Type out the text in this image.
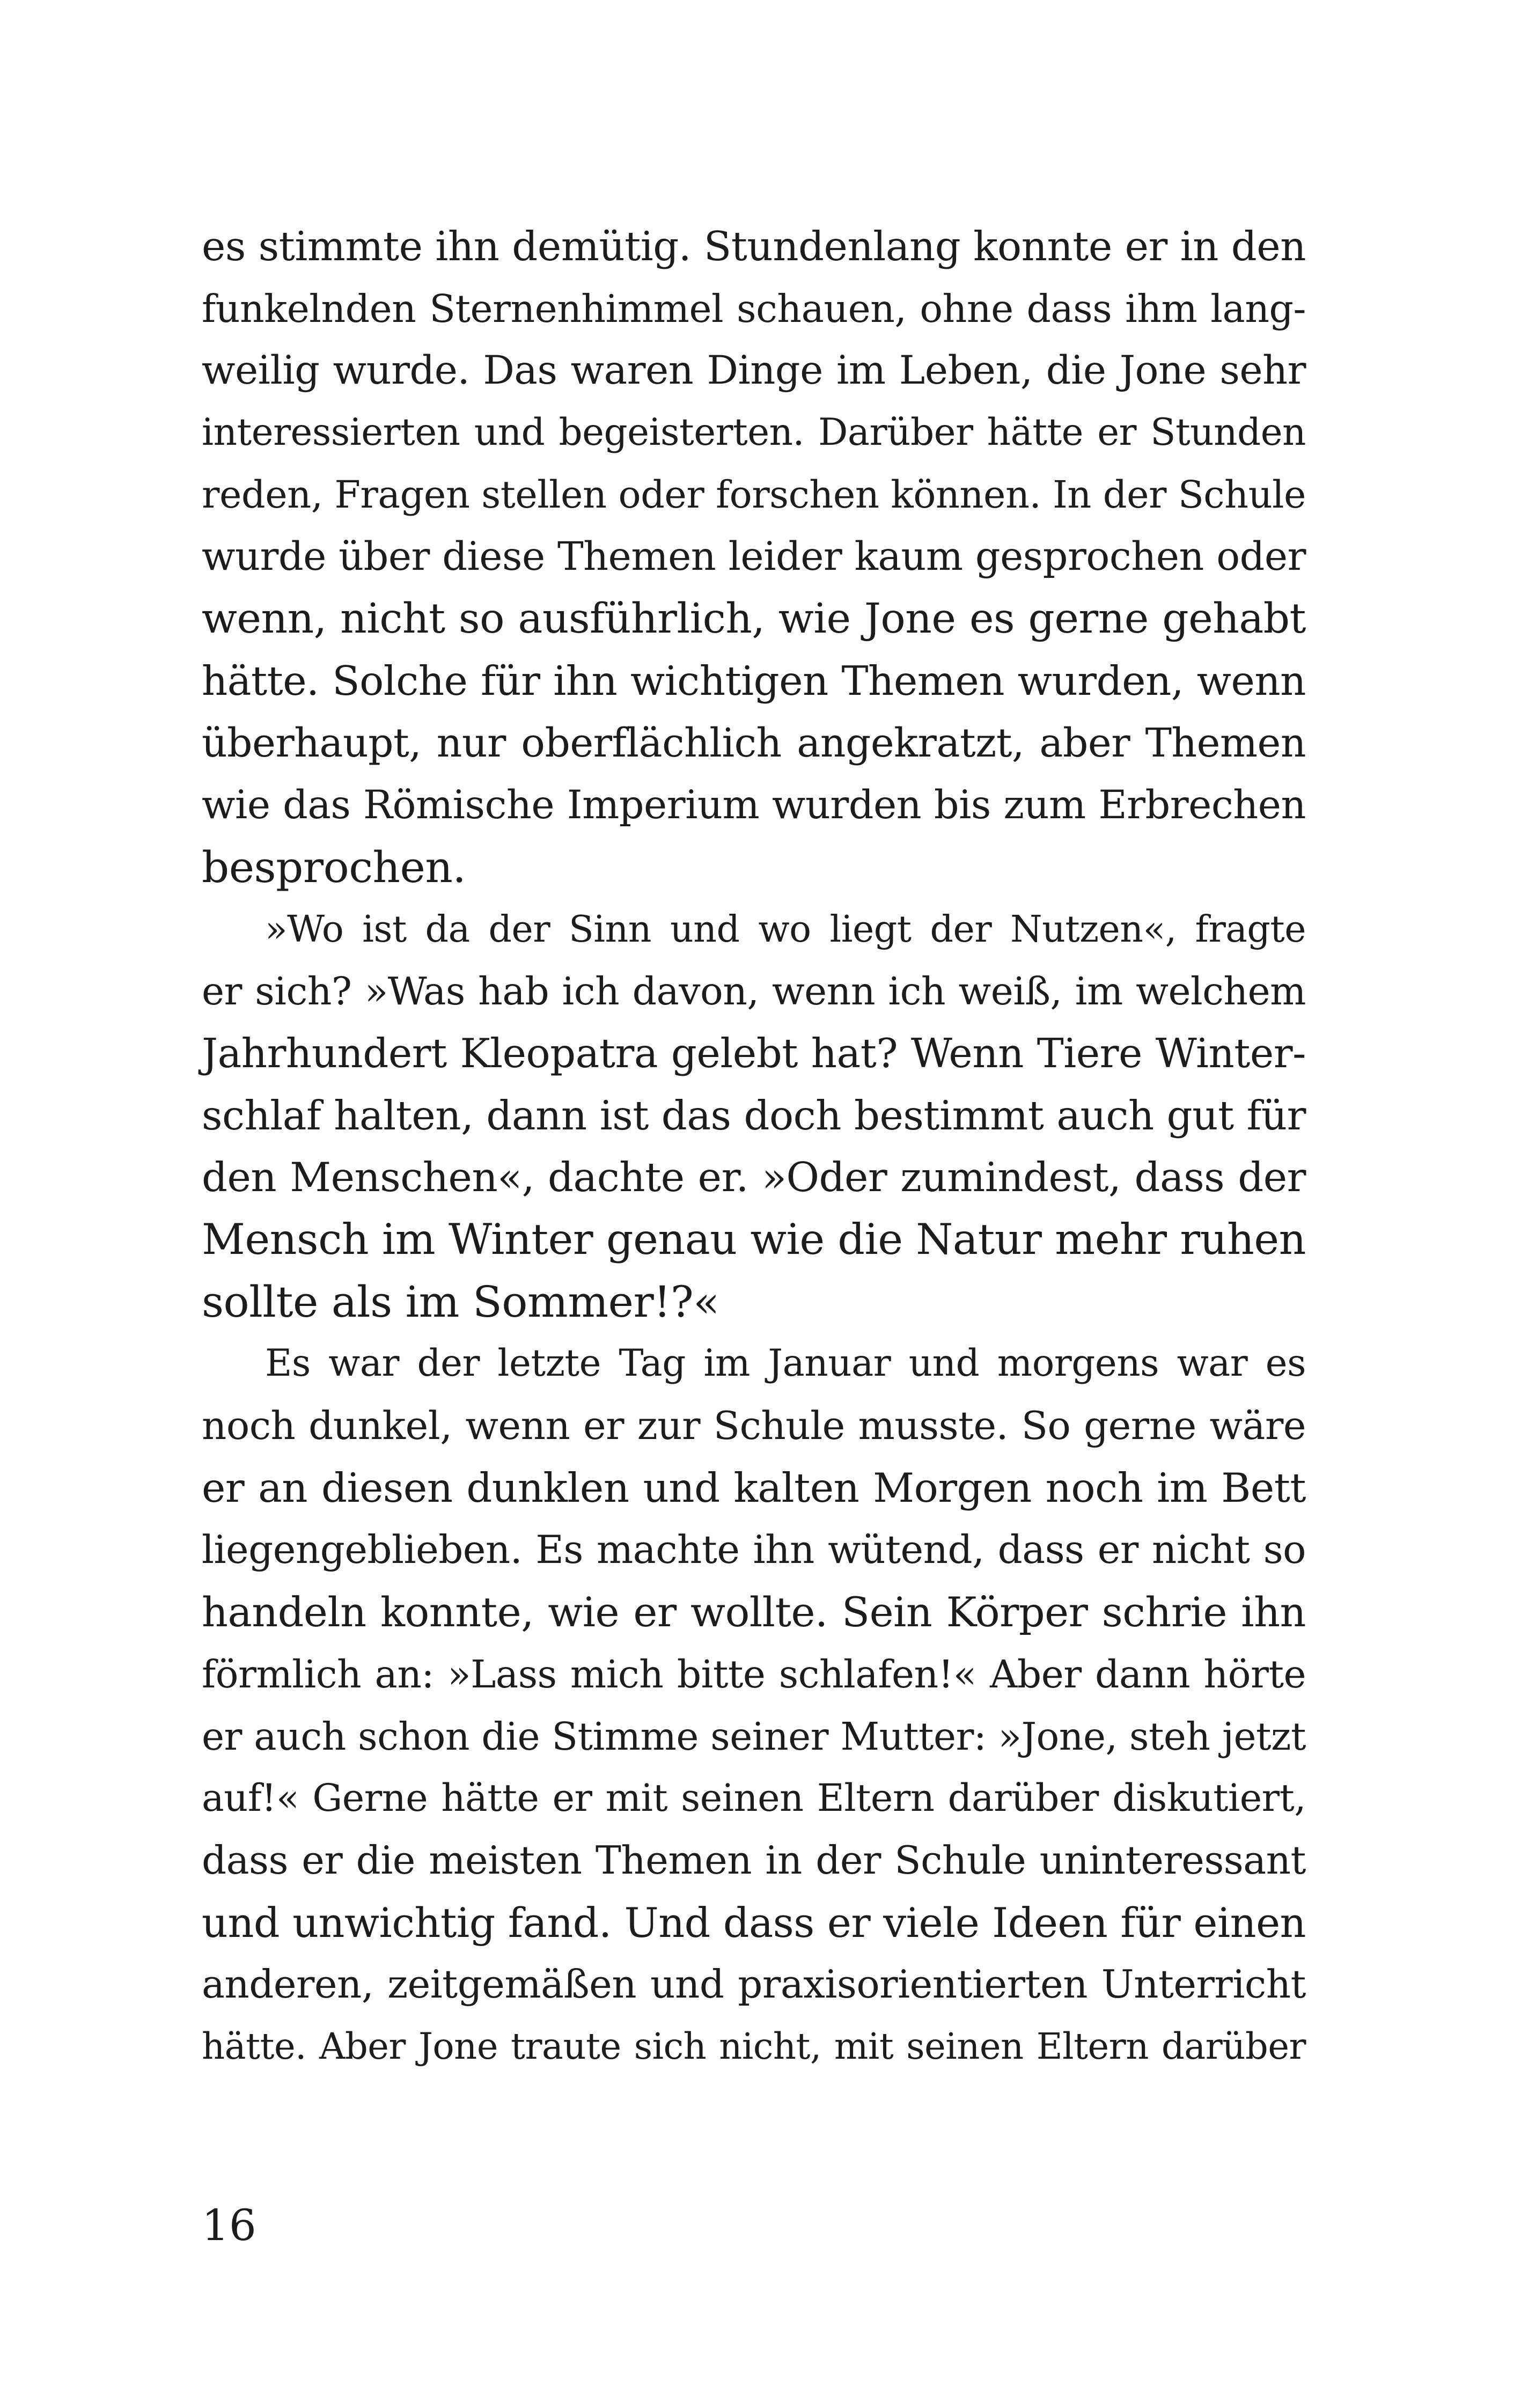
es stimmte ihn demütig. Stundenlang konnte er in den
funkelnden Sternenhimmel schauen, ohne dass ihm lang-
weilig wurde. Das waren Dinge im Leben, die Jone sehr
interessierten und begeisterten. Darüber hätte er Stunden
reden, Fragen stellen oder forschen können. In der Schule
wurde über diese Themen leider kaum gesprochen oder
wenn, nicht so ausführlich, wie Jone es gerne gehabt
hätte. Solche für ihn wichtigen Themen wurden, wenn
überhaupt, nur oberflächlich angekratzt, aber Themen
wie das Römische Imperium wurden bis zum Erbrechen
besprochen.
»Wo ist da der Sinn und wo liegt der Nutzen«, fragte
er sich? »Was hab ich davon, wenn ich weiß, im welchem
Jahrhundert Kleopatra gelebt hat? Wenn Tiere Winter-
schlaf halten, dann ist das doch bestimmt auch gut für
den Menschen«, dachte er. »Oder zumindest, dass der
Mensch im Winter genau wie die Natur mehr ruhen
sollte als im Sommer!?«
Es war der letzte Tag im Januar und morgens war es
noch dunkel, wenn er zur Schule musste. So gerne wäre
er an diesen dunklen und kalten Morgen noch im Bett
liegengeblieben. Es machte ihn wütend, dass er nicht so
handeln konnte, wie er wollte. Sein Körper schrie ihn
förmlich an: »Lass mich bitte schlafen!« Aber dann hörte
er auch schon die Stimme seiner Mutter: »Jone, steh jetzt
auf!« Gerne hätte er mit seinen Eltern darüber diskutiert,
dass er die meisten Themen in der Schule uninteressant
und unwichtig fand. Und dass er viele Ideen für einen
anderen, zeitgemäßen und praxisorientierten Unterricht
hätte. Aber Jone traute sich nicht, mit seinen Eltern darüber

16
